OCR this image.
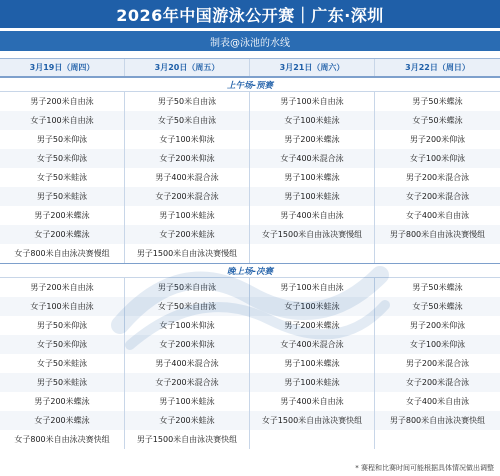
2026年中国游泳公开赛｜广东·深圳
制表@泳池的水线
3月19日（周四）	3月20日（周五）	3月21日（周六）	3月22日（周日）
上午场-预赛
男子200米自由泳	男子50米自由泳	男子100米自由泳	男子50米蝶泳
女子100米自由泳	女子50米自由泳	女子100米蛙泳	女子50米蝶泳
男子50米仰泳	女子100米仰泳	男子200米蝶泳	男子200米仰泳
女子50米仰泳	女子200米仰泳	女子400米混合泳	女子100米仰泳
女子50米蛙泳	男子400米混合泳	男子100米蝶泳	男子200米混合泳
男子50米蛙泳	女子200米混合泳	男子100米蛙泳	女子200米混合泳
男子200米蝶泳	男子100米蛙泳	男子400米自由泳	女子400米自由泳
女子200米蝶泳	女子200米蛙泳	女子1500米自由泳决赛慢组	男子800米自由泳决赛慢组
女子800米自由泳决赛慢组	男子1500米自由泳决赛慢组
晚上场-决赛
男子200米自由泳	男子50米自由泳	男子100米自由泳	男子50米蝶泳
女子100米自由泳	女子50米自由泳	女子100米蛙泳	女子50米蝶泳
男子50米仰泳	女子100米仰泳	男子200米蝶泳	男子200米仰泳
女子50米仰泳	女子200米仰泳	女子400米混合泳	女子100米仰泳
女子50米蛙泳	男子400米混合泳	男子100米蝶泳	男子200米混合泳
男子50米蛙泳	女子200米混合泳	男子100米蛙泳	女子200米混合泳
男子200米蝶泳	男子100米蛙泳	男子400米自由泳	女子400米自由泳
女子200米蝶泳	女子200米蛙泳	女子1500米自由泳决赛快组	男子800米自由泳决赛快组
女子800米自由泳决赛快组	男子1500米自由泳决赛快组
* 赛程和比赛时间可能根据具体情况做出调整
